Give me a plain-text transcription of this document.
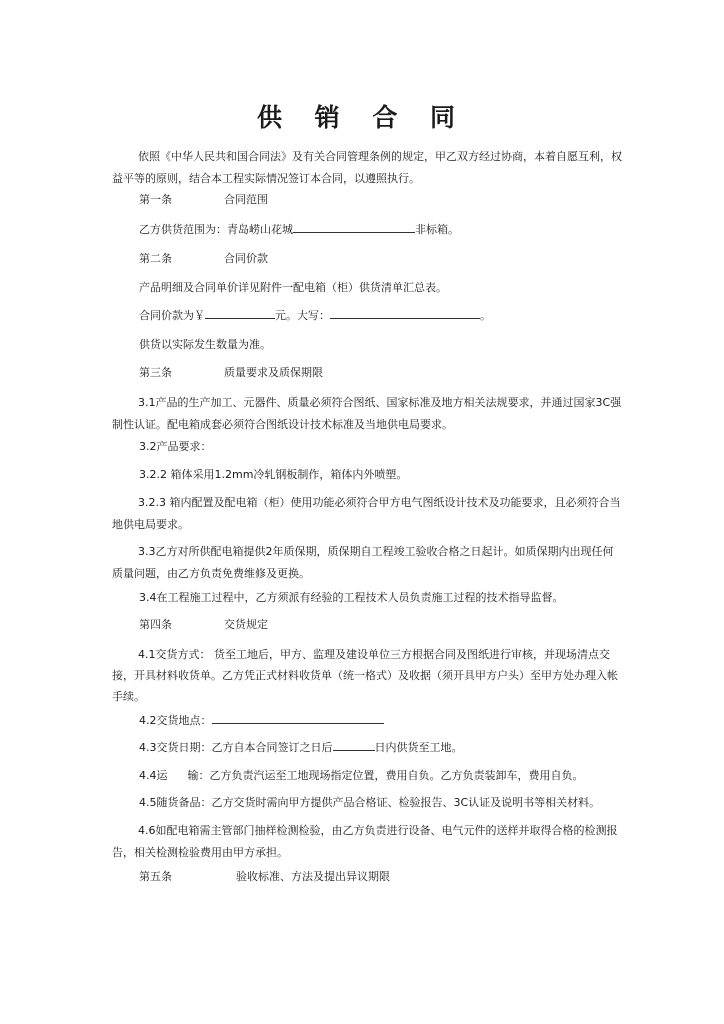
供 销 合 同
依照《中华人民共和国合同法》及有关合同管理条例的规定，甲乙双方经过协商，本着自愿互利，权益平等的原则，结合本工程实际情况签订本合同，以遵照执行。
第一条	合同范围
乙方供货范围为：青岛崂山花城	非标箱。
第二条	合同价款
产品明细及合同单价详见附件一配电箱（柜）供货清单汇总表。
合同价款为￥	元。大写：	。
供货以实际发生数量为准。
第三条	质量要求及质保期限
3.1产品的生产加工、元器件、质量必须符合图纸、国家标准及地方相关法规要求，并通过国家3C强制性认证。配电箱成套必须符合图纸设计技术标准及当地供电局要求。
3.2产品要求：
3.2.2 箱体采用1.2mm冷轧钢板制作，箱体内外喷塑。
3.2.3 箱内配置及配电箱（柜）使用功能必须符合甲方电气图纸设计技术及功能要求，且必须符合当地供电局要求。
3.3乙方对所供配电箱提供2年质保期，质保期自工程竣工验收合格之日起计。如质保期内出现任何质量问题，由乙方负责免费维修及更换。
3.4在工程施工过程中，乙方须派有经验的工程技术人员负责施工过程的技术指导监督。
第四条	交货规定
4.1交货方式： 货至工地后，甲方、监理及建设单位三方根据合同及图纸进行审核，并现场清点交接，开具材料收货单。乙方凭正式材料收货单（统一格式）及收据（须开具甲方户头）至甲方处办理入帐手续。
4.2交货地点：
4.3交货日期：乙方自本合同签订之日后	日内供货至工地。
4.4运 输：乙方负责汽运至工地现场指定位置，费用自负。乙方负责装卸车，费用自负。
4.5随货备品：乙方交货时需向甲方提供产品合格证、检验报告、3C认证及说明书等相关材料。
4.6如配电箱需主管部门抽样检测检验，由乙方负责进行设备、电气元件的送样并取得合格的检测报告，相关检测检验费用由甲方承担。
第五条	验收标准、方法及提出异议期限
